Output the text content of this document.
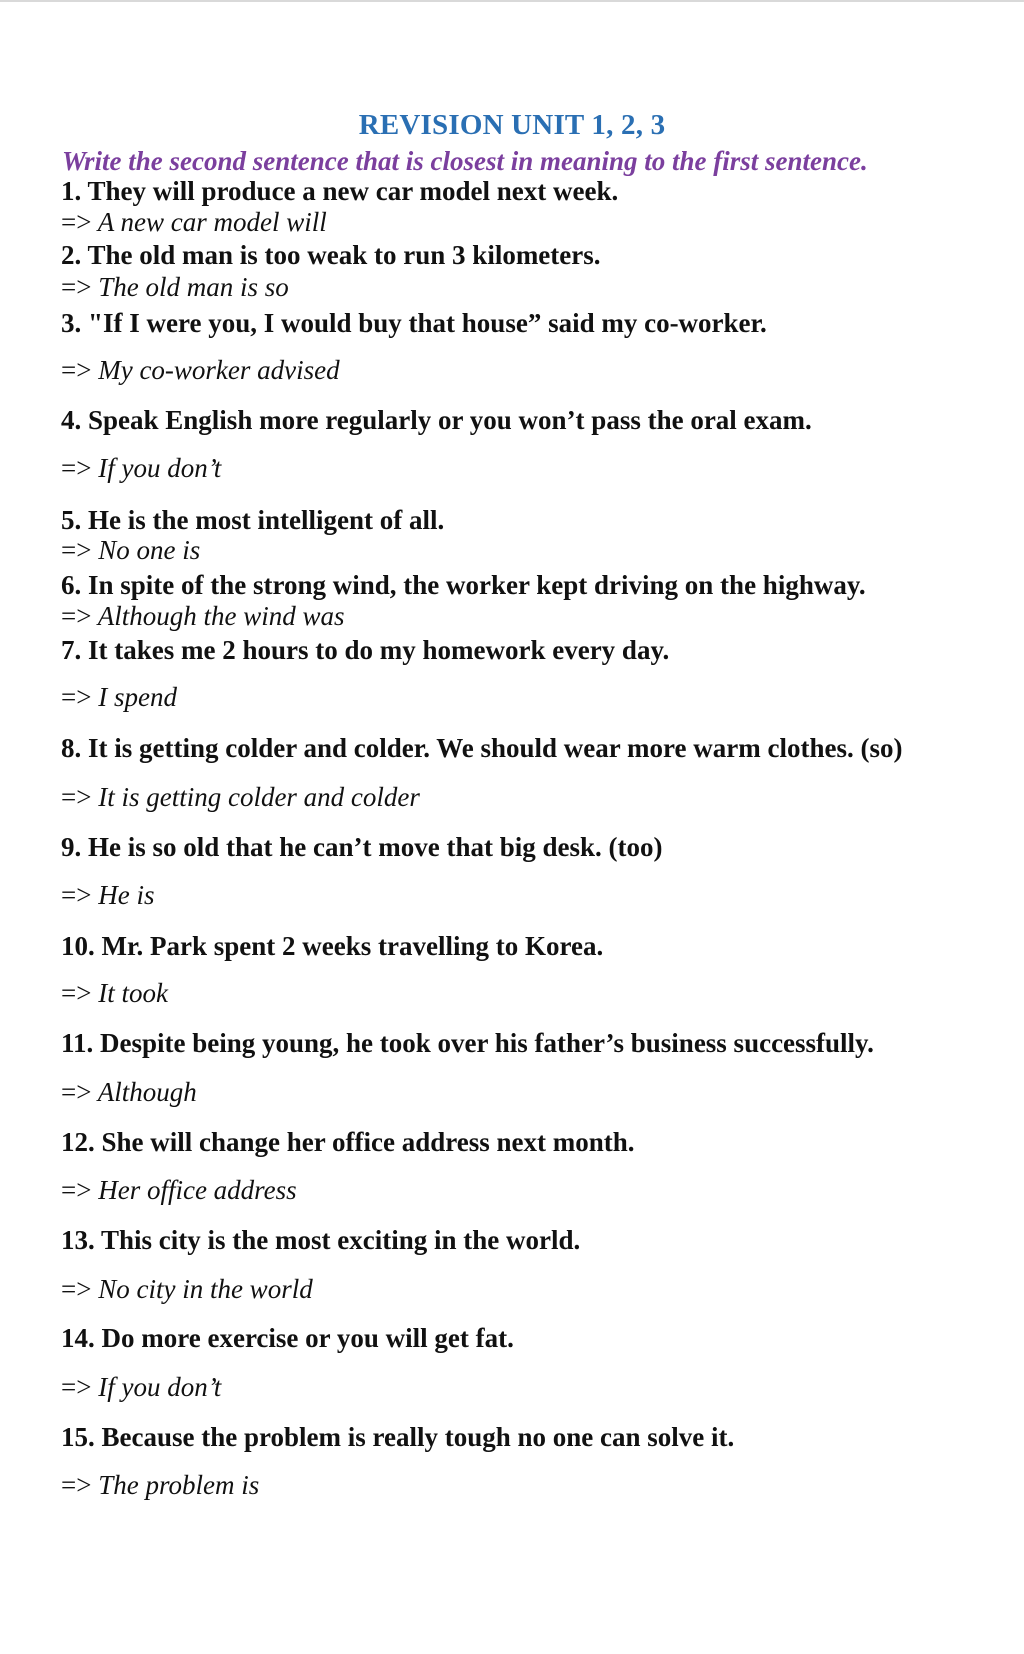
REVISION UNIT 1, 2, 3
Write the second sentence that is closest in meaning to the first sentence.
1. They will produce a new car model next week.
=> A new car model will
2. The old man is too weak to run 3 kilometers.
=> The old man is so
3. "If I were you, I would buy that house” said my co-worker.
=> My co-worker advised
4. Speak English more regularly or you won’t pass the oral exam.
=> If you don’t
5. He is the most intelligent of all.
=> No one is
6. In spite of the strong wind, the worker kept driving on the highway.
=> Although the wind was
7. It takes me 2 hours to do my homework every day.
=> I spend
8. It is getting colder and colder. We should wear more warm clothes. (so)
=> It is getting colder and colder
9. He is so old that he can’t move that big desk. (too)
=> He is
10. Mr. Park spent 2 weeks travelling to Korea.
=> It took
11. Despite being young, he took over his father’s business successfully.
=> Although
12. She will change her office address next month.
=> Her office address
13. This city is the most exciting in the world.
=> No city in the world
14. Do more exercise or you will get fat.
=> If you don’t
15. Because the problem is really tough no one can solve it.
=> The problem is
